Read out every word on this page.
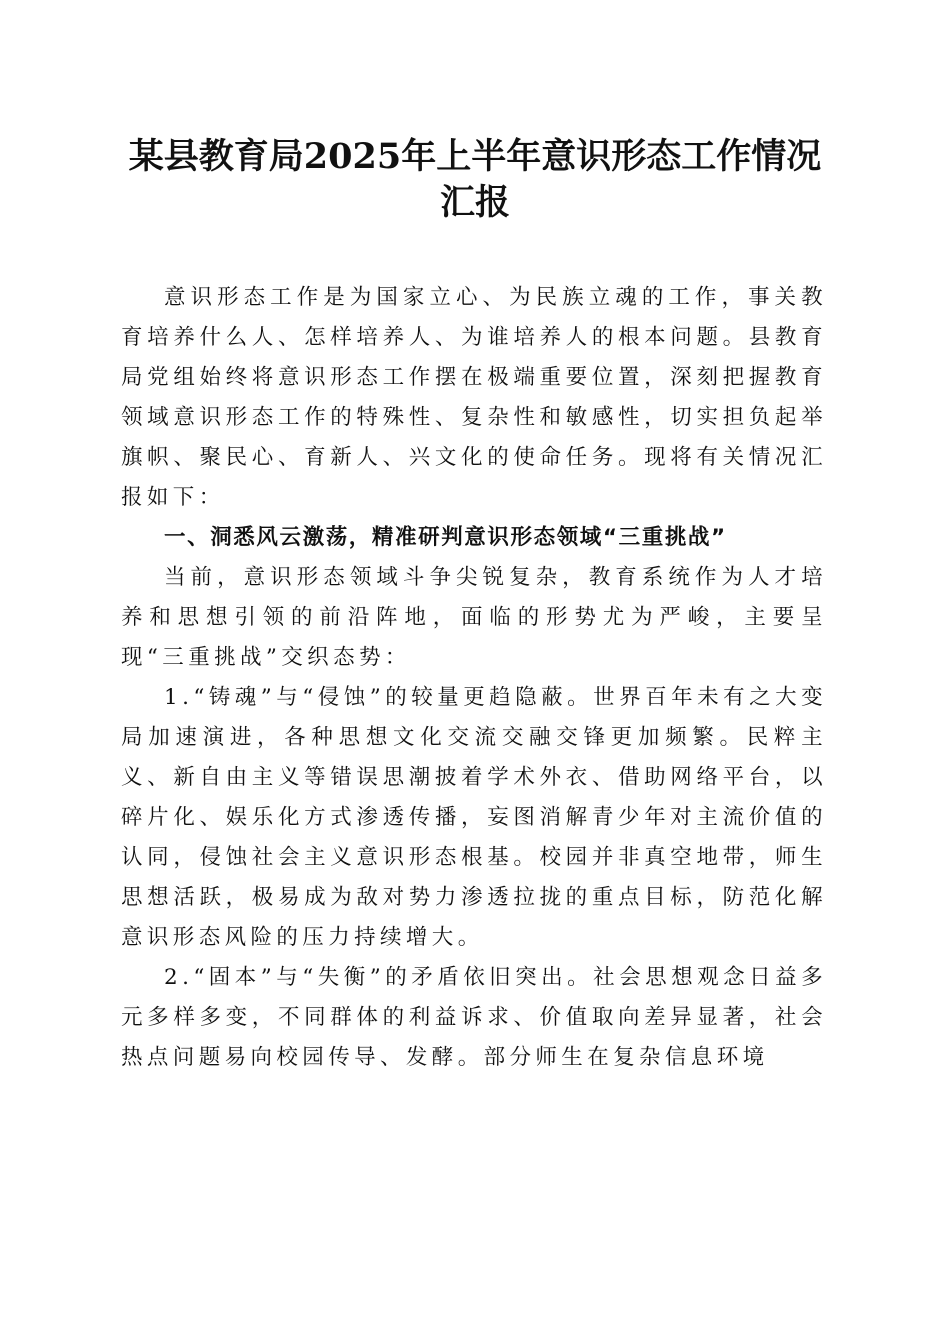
某县教育局2025年上半年意识形态工作情况
汇报

意识形态工作是为国家立心、为民族立魂的工作，事关教育培养什么人、怎样培养人、为谁培养人的根本问题。县教育局党组始终将意识形态工作摆在极端重要位置，深刻把握教育领域意识形态工作的特殊性、复杂性和敏感性，切实担负起举旗帜、聚民心、育新人、兴文化的使命任务。现将有关情况汇报如下：

一、洞悉风云激荡，精准研判意识形态领域“三重挑战”

当前，意识形态领域斗争尖锐复杂，教育系统作为人才培养和思想引领的前沿阵地，面临的形势尤为严峻，主要呈现“三重挑战”交织态势：

1.“铸魂”与“侵蚀”的较量更趋隐蔽。世界百年未有之大变局加速演进，各种思想文化交流交融交锋更加频繁。民粹主义、新自由主义等错误思潮披着学术外衣、借助网络平台，以碎片化、娱乐化方式渗透传播，妄图消解青少年对主流价值的认同，侵蚀社会主义意识形态根基。校园并非真空地带，师生思想活跃，极易成为敌对势力渗透拉拢的重点目标，防范化解意识形态风险的压力持续增大。

2.“固本”与“失衡”的矛盾依旧突出。社会思想观念日益多元多样多变，不同群体的利益诉求、价值取向差异显著，社会热点问题易向校园传导、发酵。部分师生在复杂信息环境
